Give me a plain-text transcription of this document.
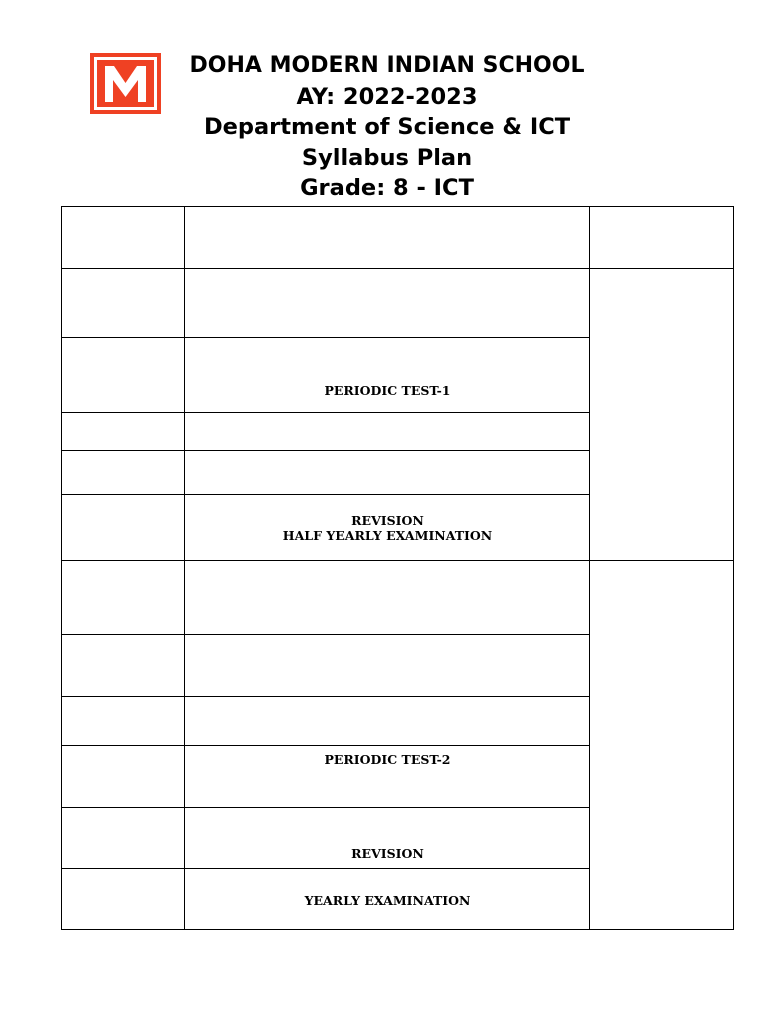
DOHA MODERN INDIAN SCHOOL
AY: 2022-2023
Department of Science & ICT
Syllabus Plan
Grade: 8 - ICT
PERIODIC TEST-1
REVISION
HALF YEARLY EXAMINATION
PERIODIC TEST-2
REVISION
YEARLY EXAMINATION
